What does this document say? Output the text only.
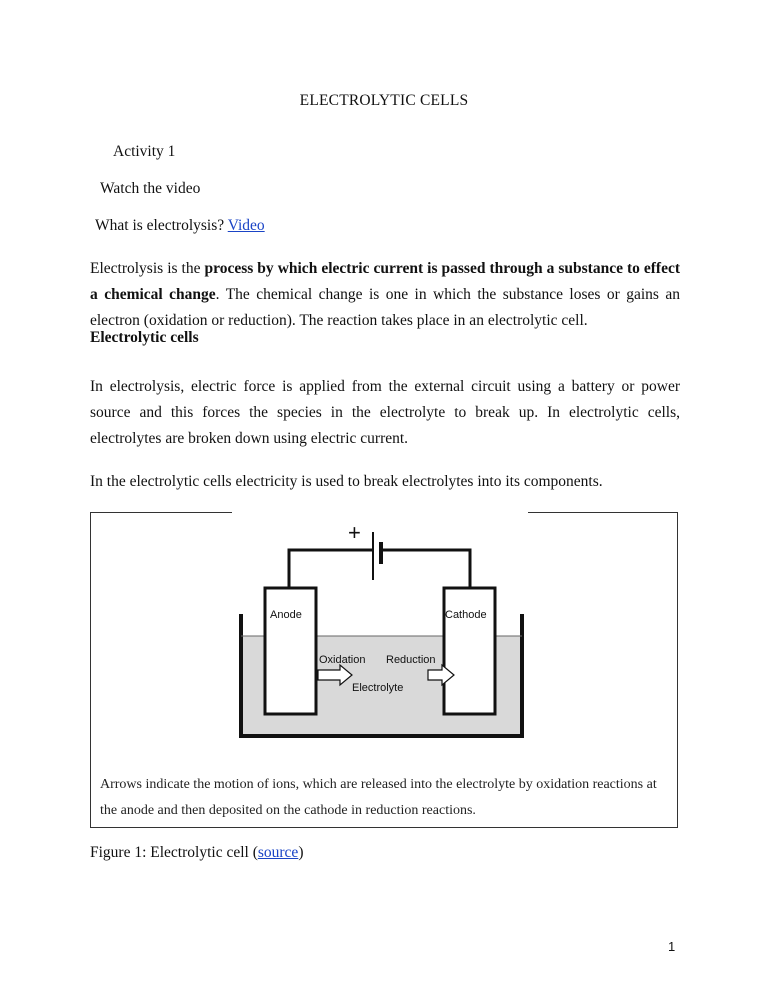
ELECTROLYTIC CELLS
Activity 1
Watch the video
What is electrolysis? Video
Electrolysis is the process by which electric current is passed through a substance to effect a chemical change. The chemical change is one in which the substance loses or gains an electron (oxidation or reduction). The reaction takes place in an electrolytic cell.
Electrolytic cells
In electrolysis, electric force is applied from the external circuit using a battery or power source and this forces the species in the electrolyte to break up. In electrolytic cells, electrolytes are broken down using electric current.
In the electrolytic cells electricity is used to break electrolytes into its components.
+
Anode	Cathode
Oxidation Reduction
Electrolyte
Arrows indicate the motion of ions, which are released into the electrolyte by oxidation reactions at the anode and then deposited on the cathode in reduction reactions.
Figure 1: Electrolytic cell (source)
1
